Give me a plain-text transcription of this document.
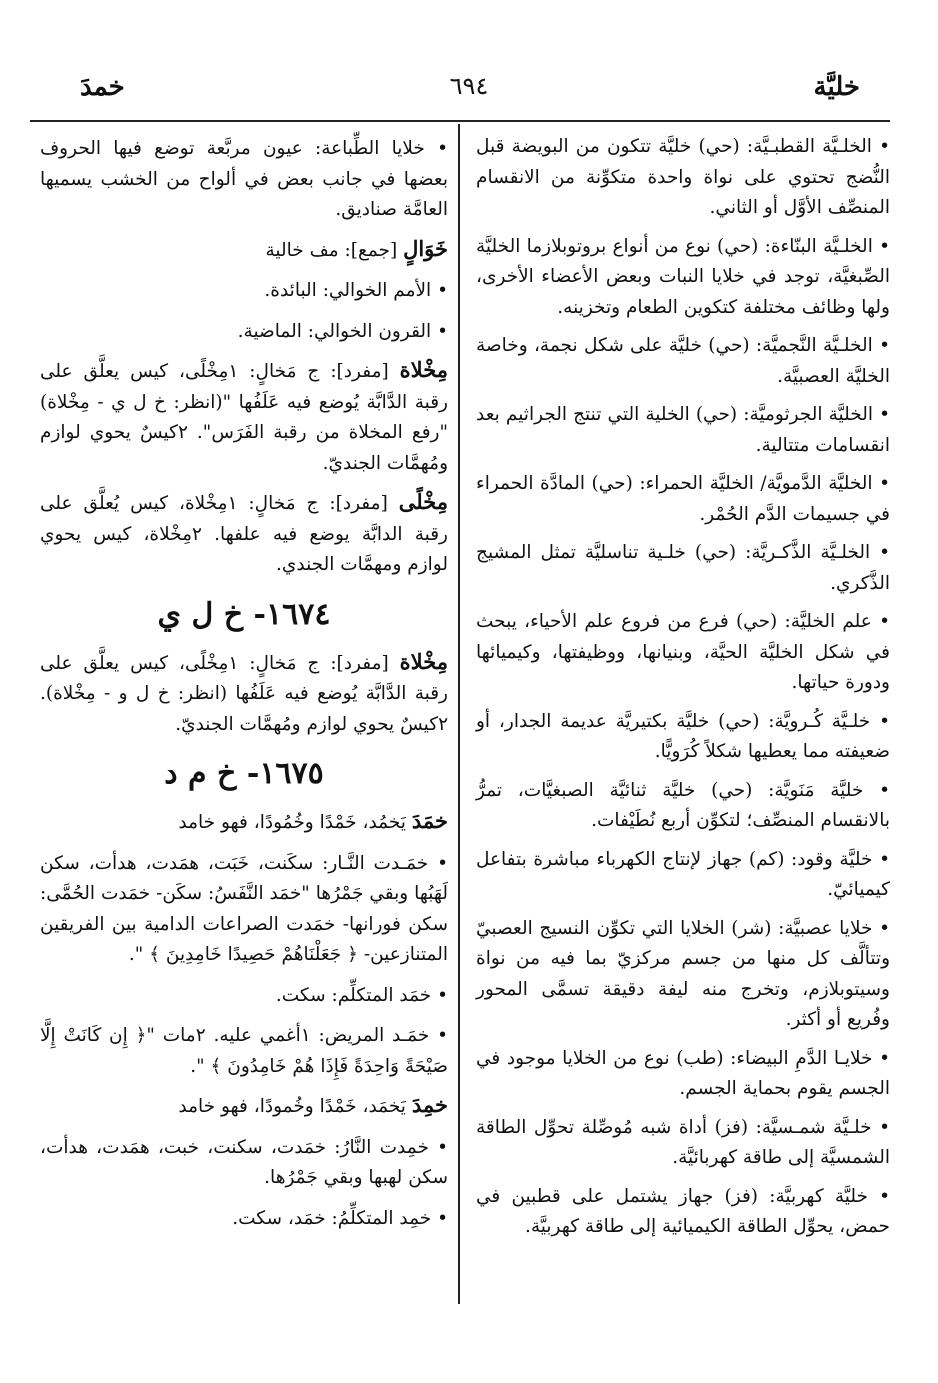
خليَّة
٦٩٤
خمدَ

• الخلـيَّة القطبـيَّة: (حي) خليَّة تتكون من البويضة قبل النُّضج تحتوي على نواة واحدة متكوِّنة من الانقسام المنصِّف الأوَّل أو الثاني.

• الخلـيَّة البنّاءة: (حي) نوع من أنواع بروتوبلازما الخليَّة الصِّبغيَّة، توجد في خلايا النبات وبعض الأعضاء الأخرى، ولها وظائف مختلفة كتكوين الطعام وتخزينه.

• الخلـيَّة النَّجميَّة: (حي) خليَّة على شكل نجمة، وخاصة الخليَّة العصبيَّة.

• الخليَّة الجرثوميَّة: (حي) الخلية التي تنتج الجراثيم بعد انقسامات متتالية.

• الخليَّة الدَّمويَّة/ الخليَّة الحمراء: (حي) المادَّة الحمراء في جسيمات الدَّم الحُمْر.

• الخلـيَّة الذَّكـريَّة: (حي) خلـية تناسليَّة تمثل المشيج الذَّكري.

• علم الخليَّة: (حي) فرع من فروع علم الأحياء، يبحث في شكل الخليَّة الحيَّة، وبنيانها، ووظيفتها، وكيميائها ودورة حياتها.

• خلـيَّة كُـرويَّة: (حي) خليَّة بكتيريَّة عديمة الجدار، أو ضعيفته مما يعطيها شكلاً كُرَويًّا.

• خليَّة مَنَويَّة: (حي) خليَّة ثنائيَّة الصبغيَّات، تمرُّ بالانقسام المنصِّف؛ لتكوِّن أربع نُطَيْفات.

• خليَّة وقود: (كم) جهاز لإنتاج الكهرباء مباشرة بتفاعل كيميائيّ.

• خلايا عصبيَّة: (شر) الخلايا التي تكوِّن النسيج العصبيّ وتتألَّف كل منها من جسم مركزيّ بما فيه من نواة وسيتوبلازم، وتخرج منه ليفة دقيقة تسمَّى المحور وفُريع أو أكثر.

• خلايـا الدَّمِ البيضاء: (طب) نوع من الخلايا موجود في الجسم يقوم بحماية الجسم.

• خلـيَّة شمـسيَّة: (فز) أداة شبه مُوصِّلة تحوِّل الطاقة الشمسيَّة إلى طاقة كهربائيَّة.

• خليَّة كهربيَّة: (فز) جهاز يشتمل على قطبين في حمض، يحوِّل الطاقة الكيميائية إلى طاقة كهربيَّة.

• خلايا الطِّباعة: عيون مربَّعة توضع فيها الحروف بعضها في جانب بعض في ألواح من الخشب يسميها العامَّة صناديق.

خَوَالٍ [جمع]: مف خالية

• الأمم الخوالي: البائدة.

• القرون الخوالي: الماضية.

مِخْلاة [مفرد]: ج مَخالٍ: ١مِخْلًى، كيس يعلَّق على رقبة الدَّابَّة يُوضع فيه عَلَفُها "(انظر: خ ل ي - مِخْلاة) "رفع المخلاة من رقبة الفَرَس". ٢كيسٌ يحوي لوازم ومُهمَّات الجنديّ.

مِخْلًى [مفرد]: ج مَخالٍ: ١مِخْلاة، كيس يُعلَّق على رقبة الدابَّة يوضع فيه علفها. ٢مِخْلاة، كيس يحوي لوازم ومهمَّات الجندي.

١٦٧٤- خ ل ي

مِخْلاة [مفرد]: ج مَخالٍ: ١مِخْلًى، كيس يعلَّق على رقبة الدَّابَّة يُوضع فيه عَلَفُها (انظر: خ ل و - مِخْلاة). ٢كيسٌ يحوي لوازم ومُهمَّات الجنديّ.

١٦٧٥- خ م د

خمَدَ يَخمُد، خَمْدًا وخُمُودًا، فهو خامد

• خمَـدت النَّـار: سكَنت، خَبَت، همَدت، هدأت، سكن لَهَبُها وبقي جَمْرُها "خمَد النَّفَسُ: سكَن- خمَدت الحُمَّى: سكن فورانها- خمَدت الصراعات الدامية بين الفريقين المتنازعين- ﴿ جَعَلْنَاهُمْ حَصِيدًا خَامِدِينَ ﴾ ".

• خمَد المتكلِّم: سكت.

• خمَـد المريض: ١أغمي عليه. ٢مات "﴿ إِن كَانَتْ إِلَّا صَيْحَةً وَاحِدَةً فَإِذَا هُمْ خَامِدُونَ ﴾ ".

خمِدَ يَخمَد، خَمْدًا وخُمودًا، فهو خامد

• خمِدت النَّارُ: خمَدت، سكنت، خبت، همَدت، هدأت، سكن لهبها وبقي جَمْرُها.

• خمِد المتكلِّمُ: خمَد، سكت.
